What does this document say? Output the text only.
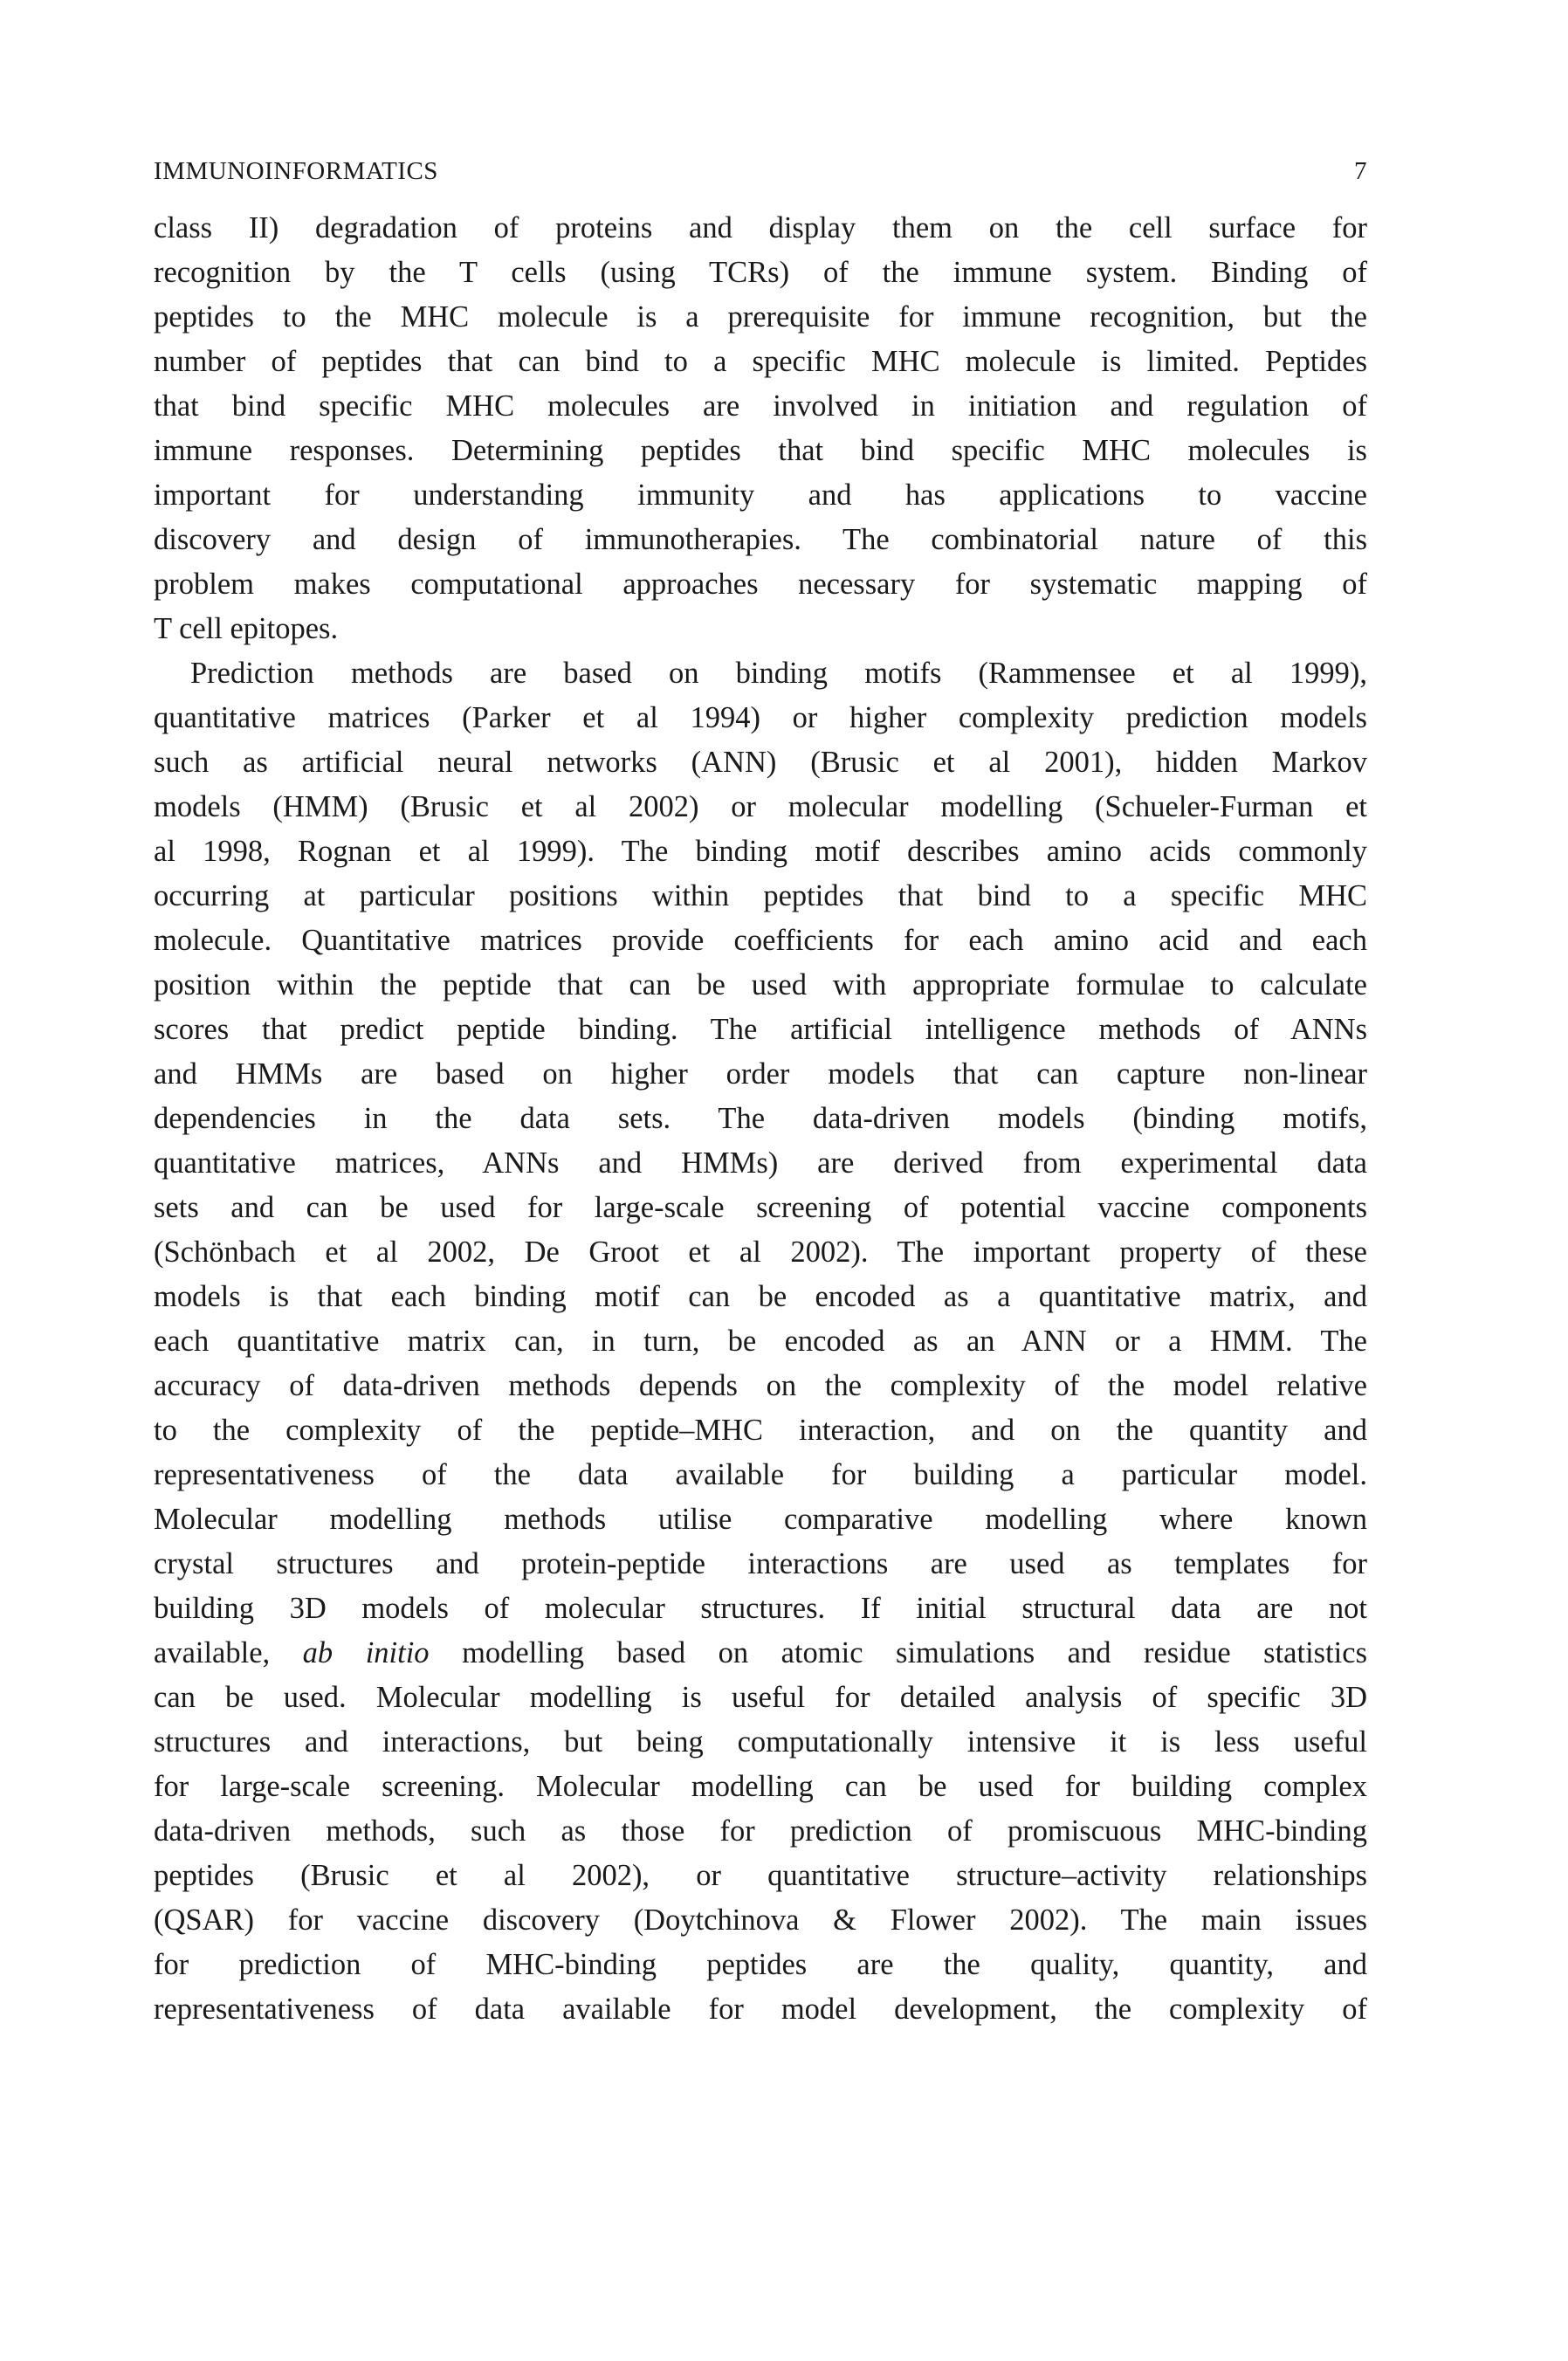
IMMUNOINFORMATICS	7

class II) degradation of proteins and display them on the cell surface for
recognition by the T cells (using TCRs) of the immune system. Binding of
peptides to the MHC molecule is a prerequisite for immune recognition, but the
number of peptides that can bind to a specific MHC molecule is limited. Peptides
that bind specific MHC molecules are involved in initiation and regulation of
immune responses. Determining peptides that bind specific MHC molecules is
important for understanding immunity and has applications to vaccine
discovery and design of immunotherapies. The combinatorial nature of this
problem makes computational approaches necessary for systematic mapping of
T cell epitopes.

Prediction methods are based on binding motifs (Rammensee et al 1999),
quantitative matrices (Parker et al 1994) or higher complexity prediction models
such as artificial neural networks (ANN) (Brusic et al 2001), hidden Markov
models (HMM) (Brusic et al 2002) or molecular modelling (Schueler-Furman et
al 1998, Rognan et al 1999). The binding motif describes amino acids commonly
occurring at particular positions within peptides that bind to a specific MHC
molecule. Quantitative matrices provide coefficients for each amino acid and each
position within the peptide that can be used with appropriate formulae to calculate
scores that predict peptide binding. The artificial intelligence methods of ANNs
and HMMs are based on higher order models that can capture non-linear
dependencies in the data sets. The data-driven models (binding motifs,
quantitative matrices, ANNs and HMMs) are derived from experimental data
sets and can be used for large-scale screening of potential vaccine components
(Schönbach et al 2002, De Groot et al 2002). The important property of these
models is that each binding motif can be encoded as a quantitative matrix, and
each quantitative matrix can, in turn, be encoded as an ANN or a HMM. The
accuracy of data-driven methods depends on the complexity of the model relative
to the complexity of the peptide–MHC interaction, and on the quantity and
representativeness of the data available for building a particular model.
Molecular modelling methods utilise comparative modelling where known
crystal structures and protein-peptide interactions are used as templates for
building 3D models of molecular structures. If initial structural data are not
available, ab initio modelling based on atomic simulations and residue statistics
can be used. Molecular modelling is useful for detailed analysis of specific 3D
structures and interactions, but being computationally intensive it is less useful
for large-scale screening. Molecular modelling can be used for building complex
data-driven methods, such as those for prediction of promiscuous MHC-binding
peptides (Brusic et al 2002), or quantitative structure–activity relationships
(QSAR) for vaccine discovery (Doytchinova & Flower 2002). The main issues
for prediction of MHC-binding peptides are the quality, quantity, and
representativeness of data available for model development, the complexity of
